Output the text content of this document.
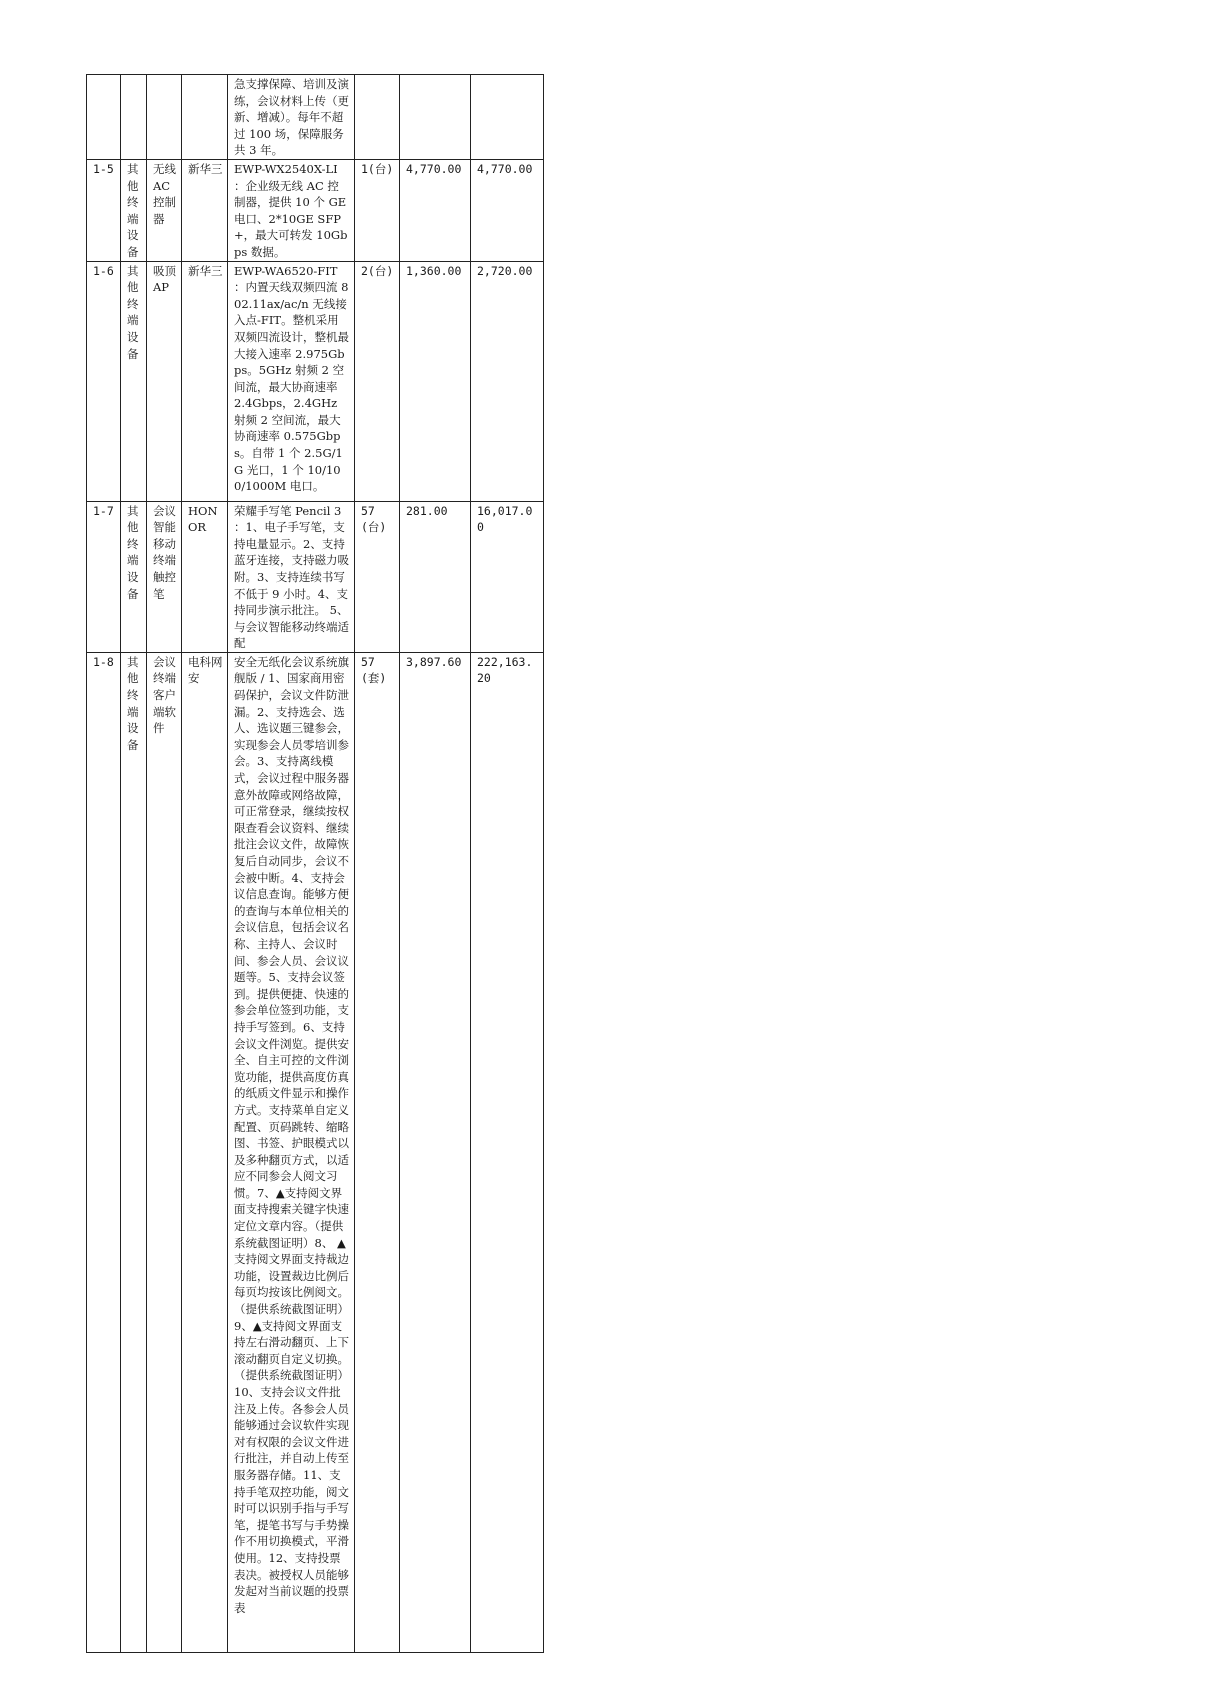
				急支撑保障、培训及演练，会议材料上传（更新、增减）。每年不超过 100 场，保障服务共 3 年。			
1-5	其他终端设备	无线AC控制器	新华三	EWP-WX2540X-LI ：企业级无线 AC 控制器，提供 10 个 GE 电口、2*10GE SFP+，最大可转发 10Gbps 数据。	1(台)	4,770.00	4,770.00
1-6	其他终端设备	吸顶AP	新华三	EWP-WA6520-FIT ：内置天线双频四流 802.11ax/ac/n 无线接入点-FIT。整机采用双频四流设计，整机最大接入速率 2.975Gbps。5GHz 射频 2 空间流，最大协商速率 2.4Gbps，2.4GHz 射频 2 空间流，最大协商速率 0.575Gbps。自带 1 个 2.5G/1G 光口，1 个 10/100/1000M 电口。	2(台)	1,360.00	2,720.00
1-7	其他终端设备	会议智能移动终端触控笔	HONOR	荣耀手写笔 Pencil 3 ：1、电子手写笔，支持电量显示。2、支持蓝牙连接，支持磁力吸附。3、支持连续书写不低于 9 小时。4、支持同步演示批注。 5、与会议智能移动终端适配	57(台)	281.00	16,017.00
1-8	其他终端设备	会议终端客户端软件	电科网安	安全无纸化会议系统旗舰版 / 1、国家商用密码保护，会议文件防泄漏。2、支持选会、选人、选议题三键参会，实现参会人员零培训参会。3、支持离线模式，会议过程中服务器意外故障或网络故障，可正常登录，继续按权限查看会议资料、继续批注会议文件，故障恢复后自动同步，会议不会被中断。4、支持会议信息查询。能够方便的查询与本单位相关的会议信息，包括会议名称、主持人、会议时间、参会人员、会议议题等。5、支持会议签到。提供便捷、快速的参会单位签到功能，支持手写签到。6、支持会议文件浏览。提供安全、自主可控的文件浏览功能，提供高度仿真的纸质文件显示和操作方式。支持菜单自定义配置、页码跳转、缩略图、书签、护眼模式以及多种翻页方式，以适应不同参会人阅文习惯。7、▲支持阅文界面支持搜索关键字快速定位文章内容。（提供系统截图证明）8、 ▲支持阅文界面支持裁边功能，设置裁边比例后每页均按该比例阅文。（提供系统截图证明）9、▲支持阅文界面支持左右滑动翻页、上下滚动翻页自定义切换。（提供系统截图证明）10、支持会议文件批注及上传。各参会人员能够通过会议软件实现对有权限的会议文件进行批注，并自动上传至服务器存储。11、支持手笔双控功能，阅文时可以识别手指与手写笔，提笔书写与手势操作不用切换模式，平滑使用。12、支持投票表决。被授权人员能够发起对当前议题的投票表	57(套)	3,897.60	222,163.20
